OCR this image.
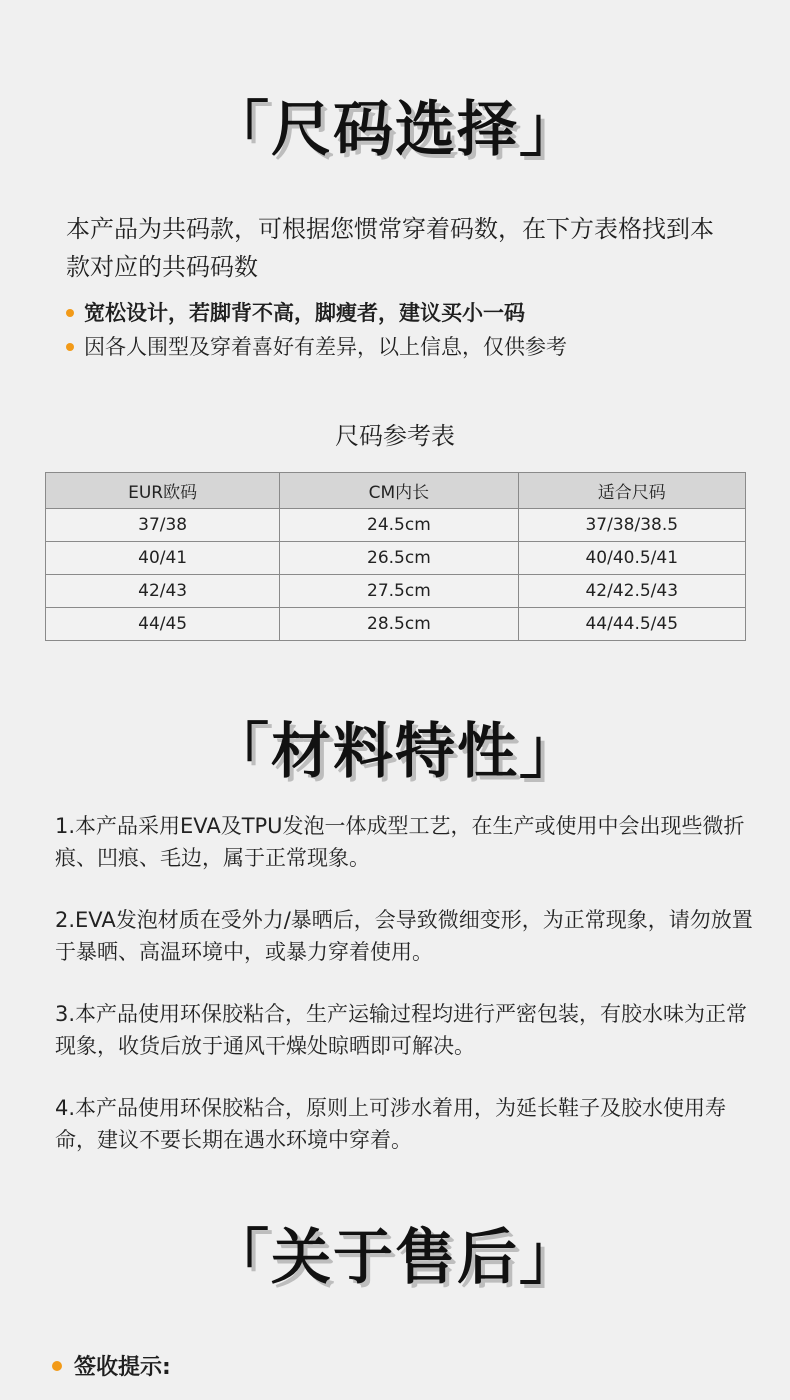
「尺码选择」
本产品为共码款，可根据您惯常穿着码数，在下方表格找到本款对应的共码码数
宽松设计，若脚背不高，脚瘦者，建议买小一码
因各人围型及穿着喜好有差异，以上信息，仅供参考
尺码参考表
EUR欧码	CM内长	适合尺码
37/38	24.5cm	37/38/38.5
40/41	26.5cm	40/40.5/41
42/43	27.5cm	42/42.5/43
44/45	28.5cm	44/44.5/45
「材料特性」
1.本产品采用EVA及TPU发泡一体成型工艺，在生产或使用中会出现些微折痕、凹痕、毛边，属于正常现象。
2.EVA发泡材质在受外力/暴晒后，会导致微细变形，为正常现象，请勿放置于暴晒、高温环境中，或暴力穿着使用。
3.本产品使用环保胶粘合，生产运输过程均进行严密包装，有胶水味为正常现象，收货后放于通风干燥处晾晒即可解决。
4.本产品使用环保胶粘合，原则上可涉水着用，为延长鞋子及胶水使用寿命，建议不要长期在遇水环境中穿着。
「关于售后」
签收提示:
